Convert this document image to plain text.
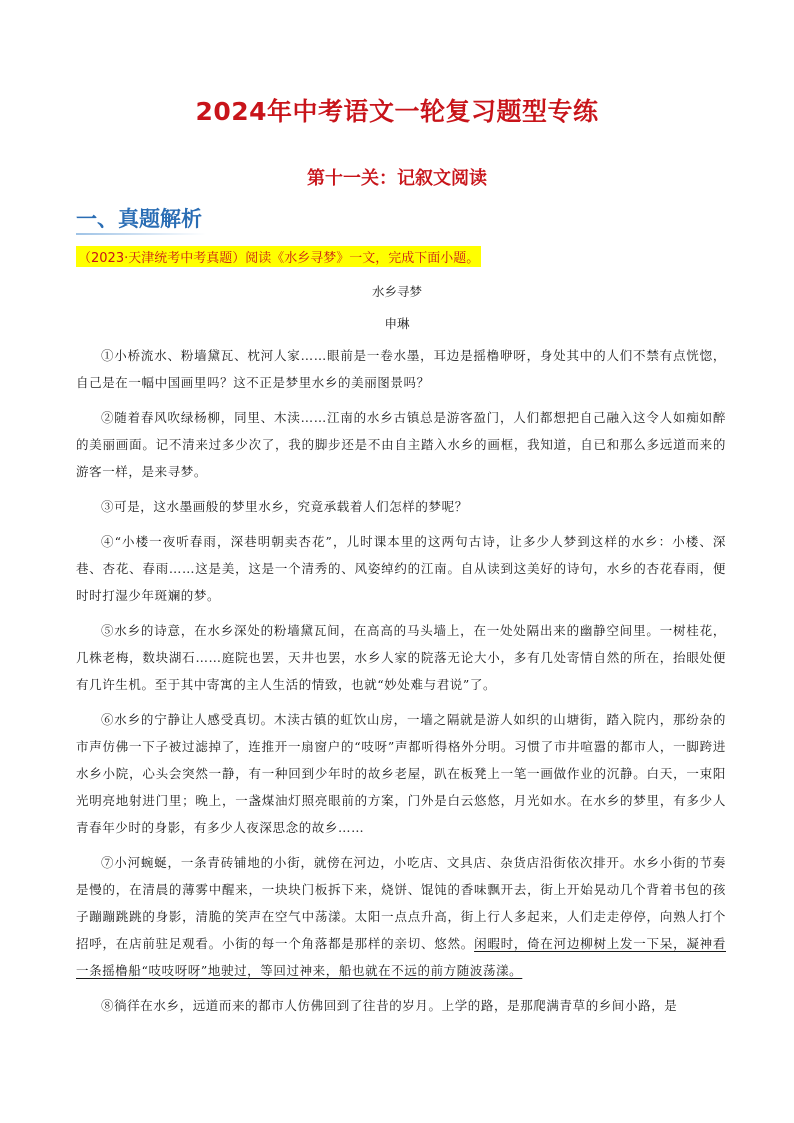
2024年中考语文一轮复习题型专练
第十一关：记叙文阅读
一、真题解析
（2023·天津统考中考真题）阅读《水乡寻梦》一文，完成下面小题。
水乡寻梦
申琳

①小桥流水、粉墙黛瓦、枕河人家……眼前是一卷水墨，耳边是摇橹咿呀，身处其中的人们不禁有点恍惚，自己是在一幅中国画里吗？这不正是梦里水乡的美丽图景吗？

②随着春风吹绿杨柳，同里、木渎……江南的水乡古镇总是游客盈门，人们都想把自己融入这令人如痴如醉的美丽画面。记不清来过多少次了，我的脚步还是不由自主踏入水乡的画框，我知道，自已和那么多远道而来的游客一样，是来寻梦。

③可是，这水墨画般的梦里水乡，究竟承载着人们怎样的梦呢？

④“小楼一夜听春雨，深巷明朝卖杏花”，儿时课本里的这两句古诗，让多少人梦到这样的水乡：小楼、深巷、杏花、春雨……这是美，这是一个清秀的、风姿绰约的江南。自从读到这美好的诗句，水乡的杏花春雨，便时时打湿少年斑斓的梦。

⑤水乡的诗意，在水乡深处的粉墙黛瓦间，在高高的马头墙上，在一处处隔出来的幽静空间里。一树桂花，几株老梅，数块湖石……庭院也罢，天井也罢，水乡人家的院落无论大小，多有几处寄情自然的所在，抬眼处便有几许生机。至于其中寄寓的主人生活的情致，也就“妙处难与君说”了。

⑥水乡的宁静让人感受真切。木渎古镇的虹饮山房，一墙之隔就是游人如织的山塘街，踏入院内，那纷杂的市声仿佛一下子被过滤掉了，连推开一扇窗户的“吱呀”声都听得格外分明。习惯了市井喧嚣的都市人，一脚跨进水乡小院，心头会突然一静，有一种回到少年时的故乡老屋，趴在板凳上一笔一画做作业的沉静。白天，一束阳光明亮地射进门里；晚上，一盏煤油灯照亮眼前的方案，门外是白云悠悠，月光如水。在水乡的梦里，有多少人青春年少时的身影，有多少人夜深思念的故乡……

⑦小河蜿蜒，一条青砖铺地的小街，就傍在河边，小吃店、文具店、杂货店沿街依次排开。水乡小街的节奏是慢的，在清晨的薄雾中醒来，一块块门板拆下来，烧饼、馄饨的香味飘开去，街上开始晃动几个背着书包的孩子蹦蹦跳跳的身影，清脆的笑声在空气中荡漾。太阳一点点升高，街上行人多起来，人们走走停停，向熟人打个招呼，在店前驻足观看。小街的每一个角落都是那样的亲切、悠然。闲暇时，倚在河边柳树上发一下呆，凝神看一条摇橹船“吱吱呀呀”地驶过，等回过神来，船也就在不远的前方随波荡漾。

⑧徜徉在水乡，远道而来的都市人仿佛回到了往昔的岁月。上学的路，是那爬满青草的乡间小路，是
